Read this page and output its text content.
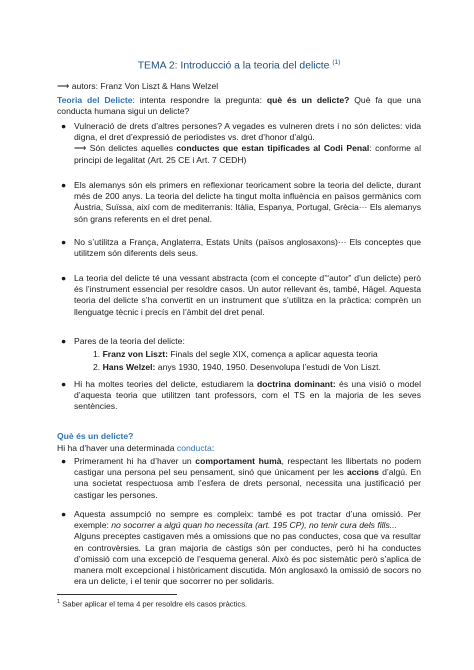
TEMA 2: Introducció a la teoria del delicte $^{(1)}$
⟶ autors: Franz Von Liszt & Hans Welzel
Teoria del Delicte: intenta respondre la pregunta: què és un delicte? Què fa que una conducta humana sigui un delicte?
● Vulneració de drets d’altres persones? A vegades es vulneren drets i no són delictes: vida digna, el dret d’expressió de periodistes vs. dret d’honor d’algú.

⟶ Són delictes aquelles conductes que estan tipificades al Codi Penal: conforme al principi de legalitat (Art. 25 CE i Art. 7 CEDH)

● Els alemanys són els primers en reflexionar teoricament sobre la teoria del delicte, durant més de 200 anys. La teoria del delicte ha tingut molta influència en països germànics com Àustria, Suïssa, així com de mediterranis: Itàlia, Espanya, Portugal, Grècia··· Els alemanys són grans referents en el dret penal.
● No s’utilitza a França, Anglaterra, Estats Units (països anglosaxons)··· Els conceptes que utilitzem són diferents dels seus.
● La teoria del delicte té una vessant abstracta (com el concepte d’“autor” d’un delicte) però és l’instrument essencial per resoldre casos. Un autor rellevant és, també, Hägel. Aquesta teoria del delicte s’ha convertit en un instrument que s’utilitza en la pràctica: comprèn un llenguatge tècnic i precís en l’àmbit del dret penal.
● Pares de la teoria del delicte:
1. Franz von Liszt: Finals del segle XIX, comença a aplicar aquesta teoria
2. Hans Welzel: anys 1930, 1940, 1950. Desenvolupa l’estudi de Von Liszt.
● Hi ha moltes teories del delicte, estudiarem la doctrina dominant: és una visió o model d’aquesta teoria que utilitzen tant professors, com el TS en la majoria de les seves sentències.
Què és un delicte?
Hi ha d’haver una determinada conducta:
● Primerament hi ha d’haver un comportament humà, respectant les llibertats no podem castigar una persona pel seu pensament, sinó que únicament per les accions d’algú. En una societat respectuosa amb l’esfera de drets personal, necessita una justificació per castigar les persones.
● Aquesta assumpció no sempre es compleix: també es pot tractar d’una omissió. Per exemple: no socorrer a algú quan ho necessita (art. 195 CP), no tenir cura dels fills...

Alguns preceptes castigaven més a omissions que no pas conductes, cosa que va resultar en controvèrsies. La gran majoria de càstigs són per conductes, però hi ha conductes d’omissió com una excepció de l’esquema general. Això és poc sistemàtic però s’aplica de manera molt excepcional i històricament discutida. Món anglosaxó la omissió de socors no era un delicte, i el tenir que socorrer no per solidaris.

$^1$ Saber aplicar el tema 4 per resoldre els casos pràctics.
